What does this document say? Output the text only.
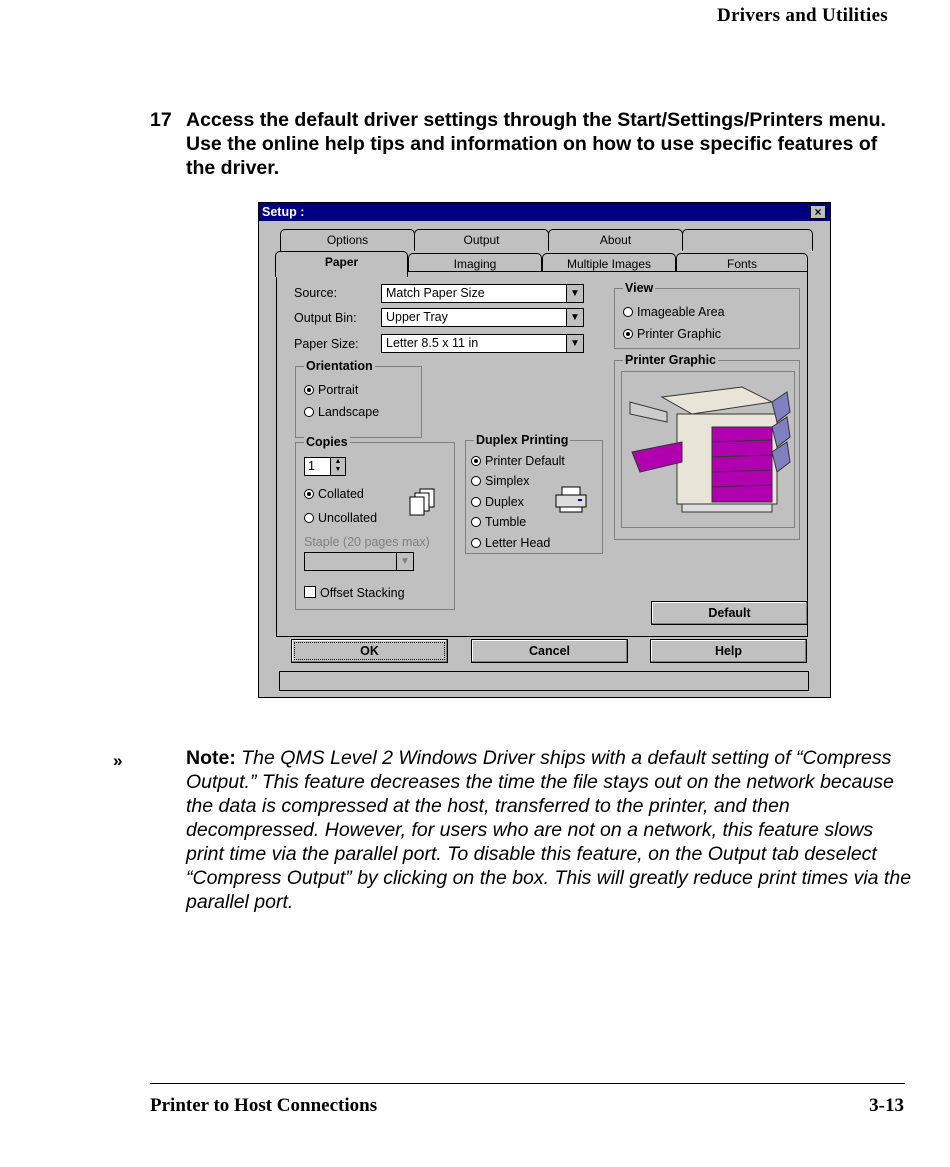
Drivers and Utilities
17 Access the default driver settings through the Start/Settings/Printers menu. Use the online help tips and information on how to use specific features of the driver.
Setup :	×
Options	Output	About
Paper	Imaging	Multiple Images	Fonts
Source:	Match Paper Size	▼
Output Bin:	Upper Tray	▼
Paper Size:	Letter 8.5 x 11 in	▼
View
Imageable Area
Printer Graphic
Printer Graphic
Orientation
Portrait
Landscape
Copies
1	▲
▼
Collated
Uncollated
Staple (20 pages max)
▼
Offset Stacking
Duplex Printing
Printer Default
Simplex
Duplex
Tumble
Letter Head
Default
OK	Cancel	Help
»	Note: The QMS Level 2 Windows Driver ships with a default setting of “Compress Output.” This feature decreases the time the file stays out on the network because the data is compressed at the host, transferred to the printer, and then decompressed. However, for users who are not on a network, this feature slows print time via the parallel port. To disable this feature, on the Output tab deselect “Compress Output” by clicking on the box. This will greatly reduce print times via the parallel port.
Printer to Host Connections	3-13
